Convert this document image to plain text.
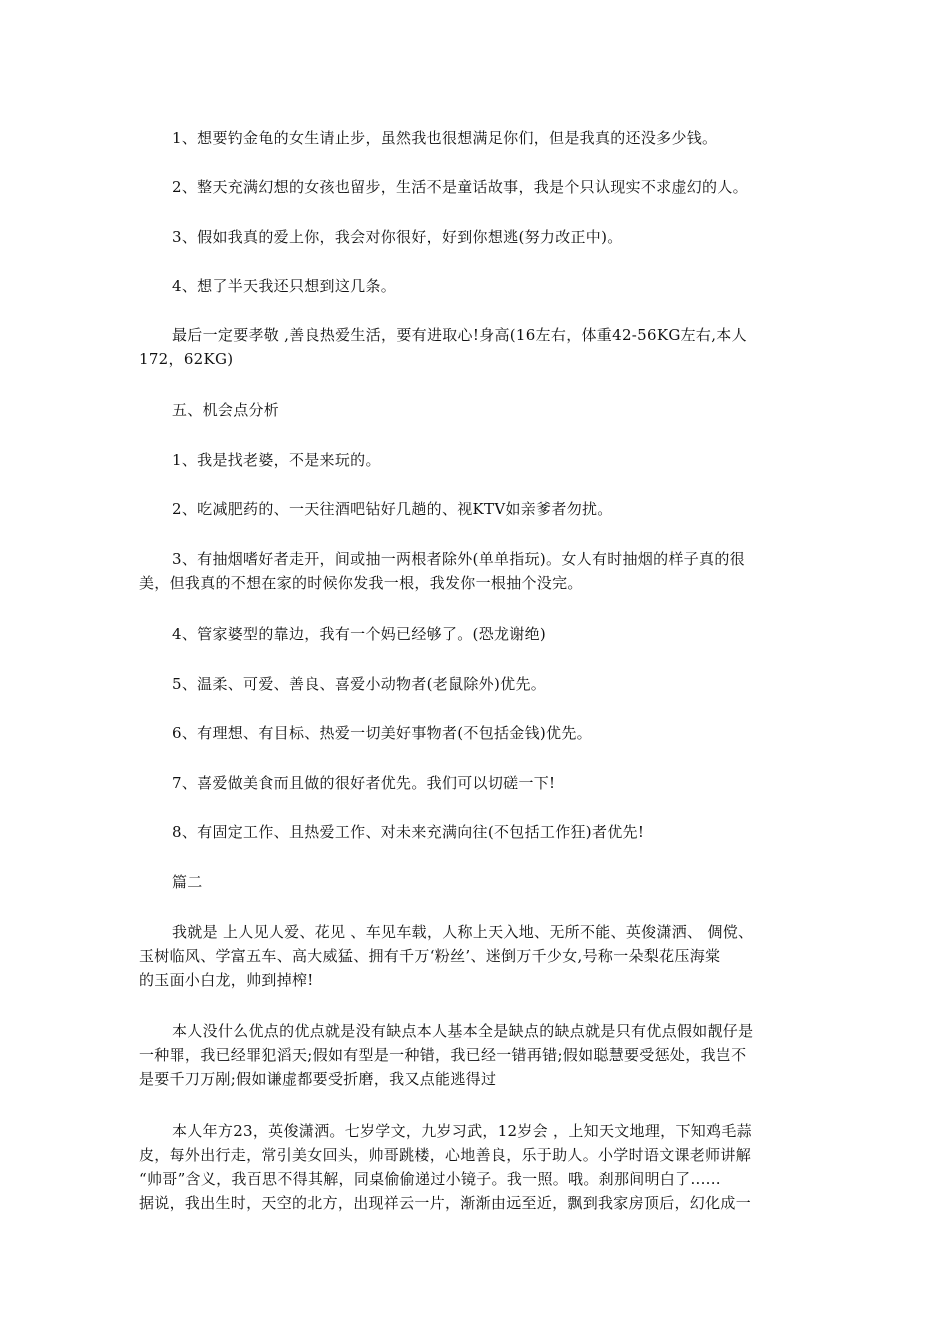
1、想要钓金龟的女生请止步，虽然我也很想满足你们，但是我真的还没多少钱。
2、整天充满幻想的女孩也留步，生活不是童话故事，我是个只认现实不求虚幻的人。
3、假如我真的爱上你，我会对你很好，好到你想逃(努力改正中)。
4、想了半天我还只想到这几条。
最后一定要孝敬 ,善良热爱生活，要有进取心!身高(16左右，体重42-56KG左右,本人
172，62KG)
五、机会点分析
1、我是找老婆，不是来玩的。
2、吃减肥药的、一天往酒吧钻好几趟的、视KTV如亲爹者勿扰。
3、有抽烟嗜好者走开，间或抽一两根者除外(单单指玩)。女人有时抽烟的样子真的很
美，但我真的不想在家的时候你发我一根，我发你一根抽个没完。
4、管家婆型的靠边，我有一个妈已经够了。(恐龙谢绝)
5、温柔、可爱、善良、喜爱小动物者(老鼠除外)优先。
6、有理想、有目标、热爱一切美好事物者(不包括金钱)优先。
7、喜爱做美食而且做的很好者优先。我们可以切磋一下!
8、有固定工作、且热爱工作、对未来充满向往(不包括工作狂)者优先!
篇二
我就是 上人见人爱、花见 、车见车载，人称上天入地、无所不能、英俊潇洒、 倜傥、
玉树临风、学富五车、高大威猛、拥有千万‘粉丝’、迷倒万千少女,号称一朵梨花压海棠
的玉面小白龙，帅到掉榨!
本人没什么优点的优点就是没有缺点本人基本全是缺点的缺点就是只有优点假如靓仔是
一种罪，我已经罪犯滔天;假如有型是一种错，我已经一错再错;假如聪慧要受惩处，我岂不
是要千刀万剐;假如谦虚都要受折磨，我又点能逃得过
本人年方23，英俊潇洒。七岁学文，九岁习武，12岁会 ，上知天文地理，下知鸡毛蒜
皮，每外出行走，常引美女回头，帅哥跳楼，心地善良，乐于助人。小学时语文课老师讲解
“帅哥”含义，我百思不得其解，同桌偷偷递过小镜子。我一照。哦。刹那间明白了......
据说，我出生时，天空的北方，出现祥云一片，渐渐由远至近，飘到我家房顶后，幻化成一
